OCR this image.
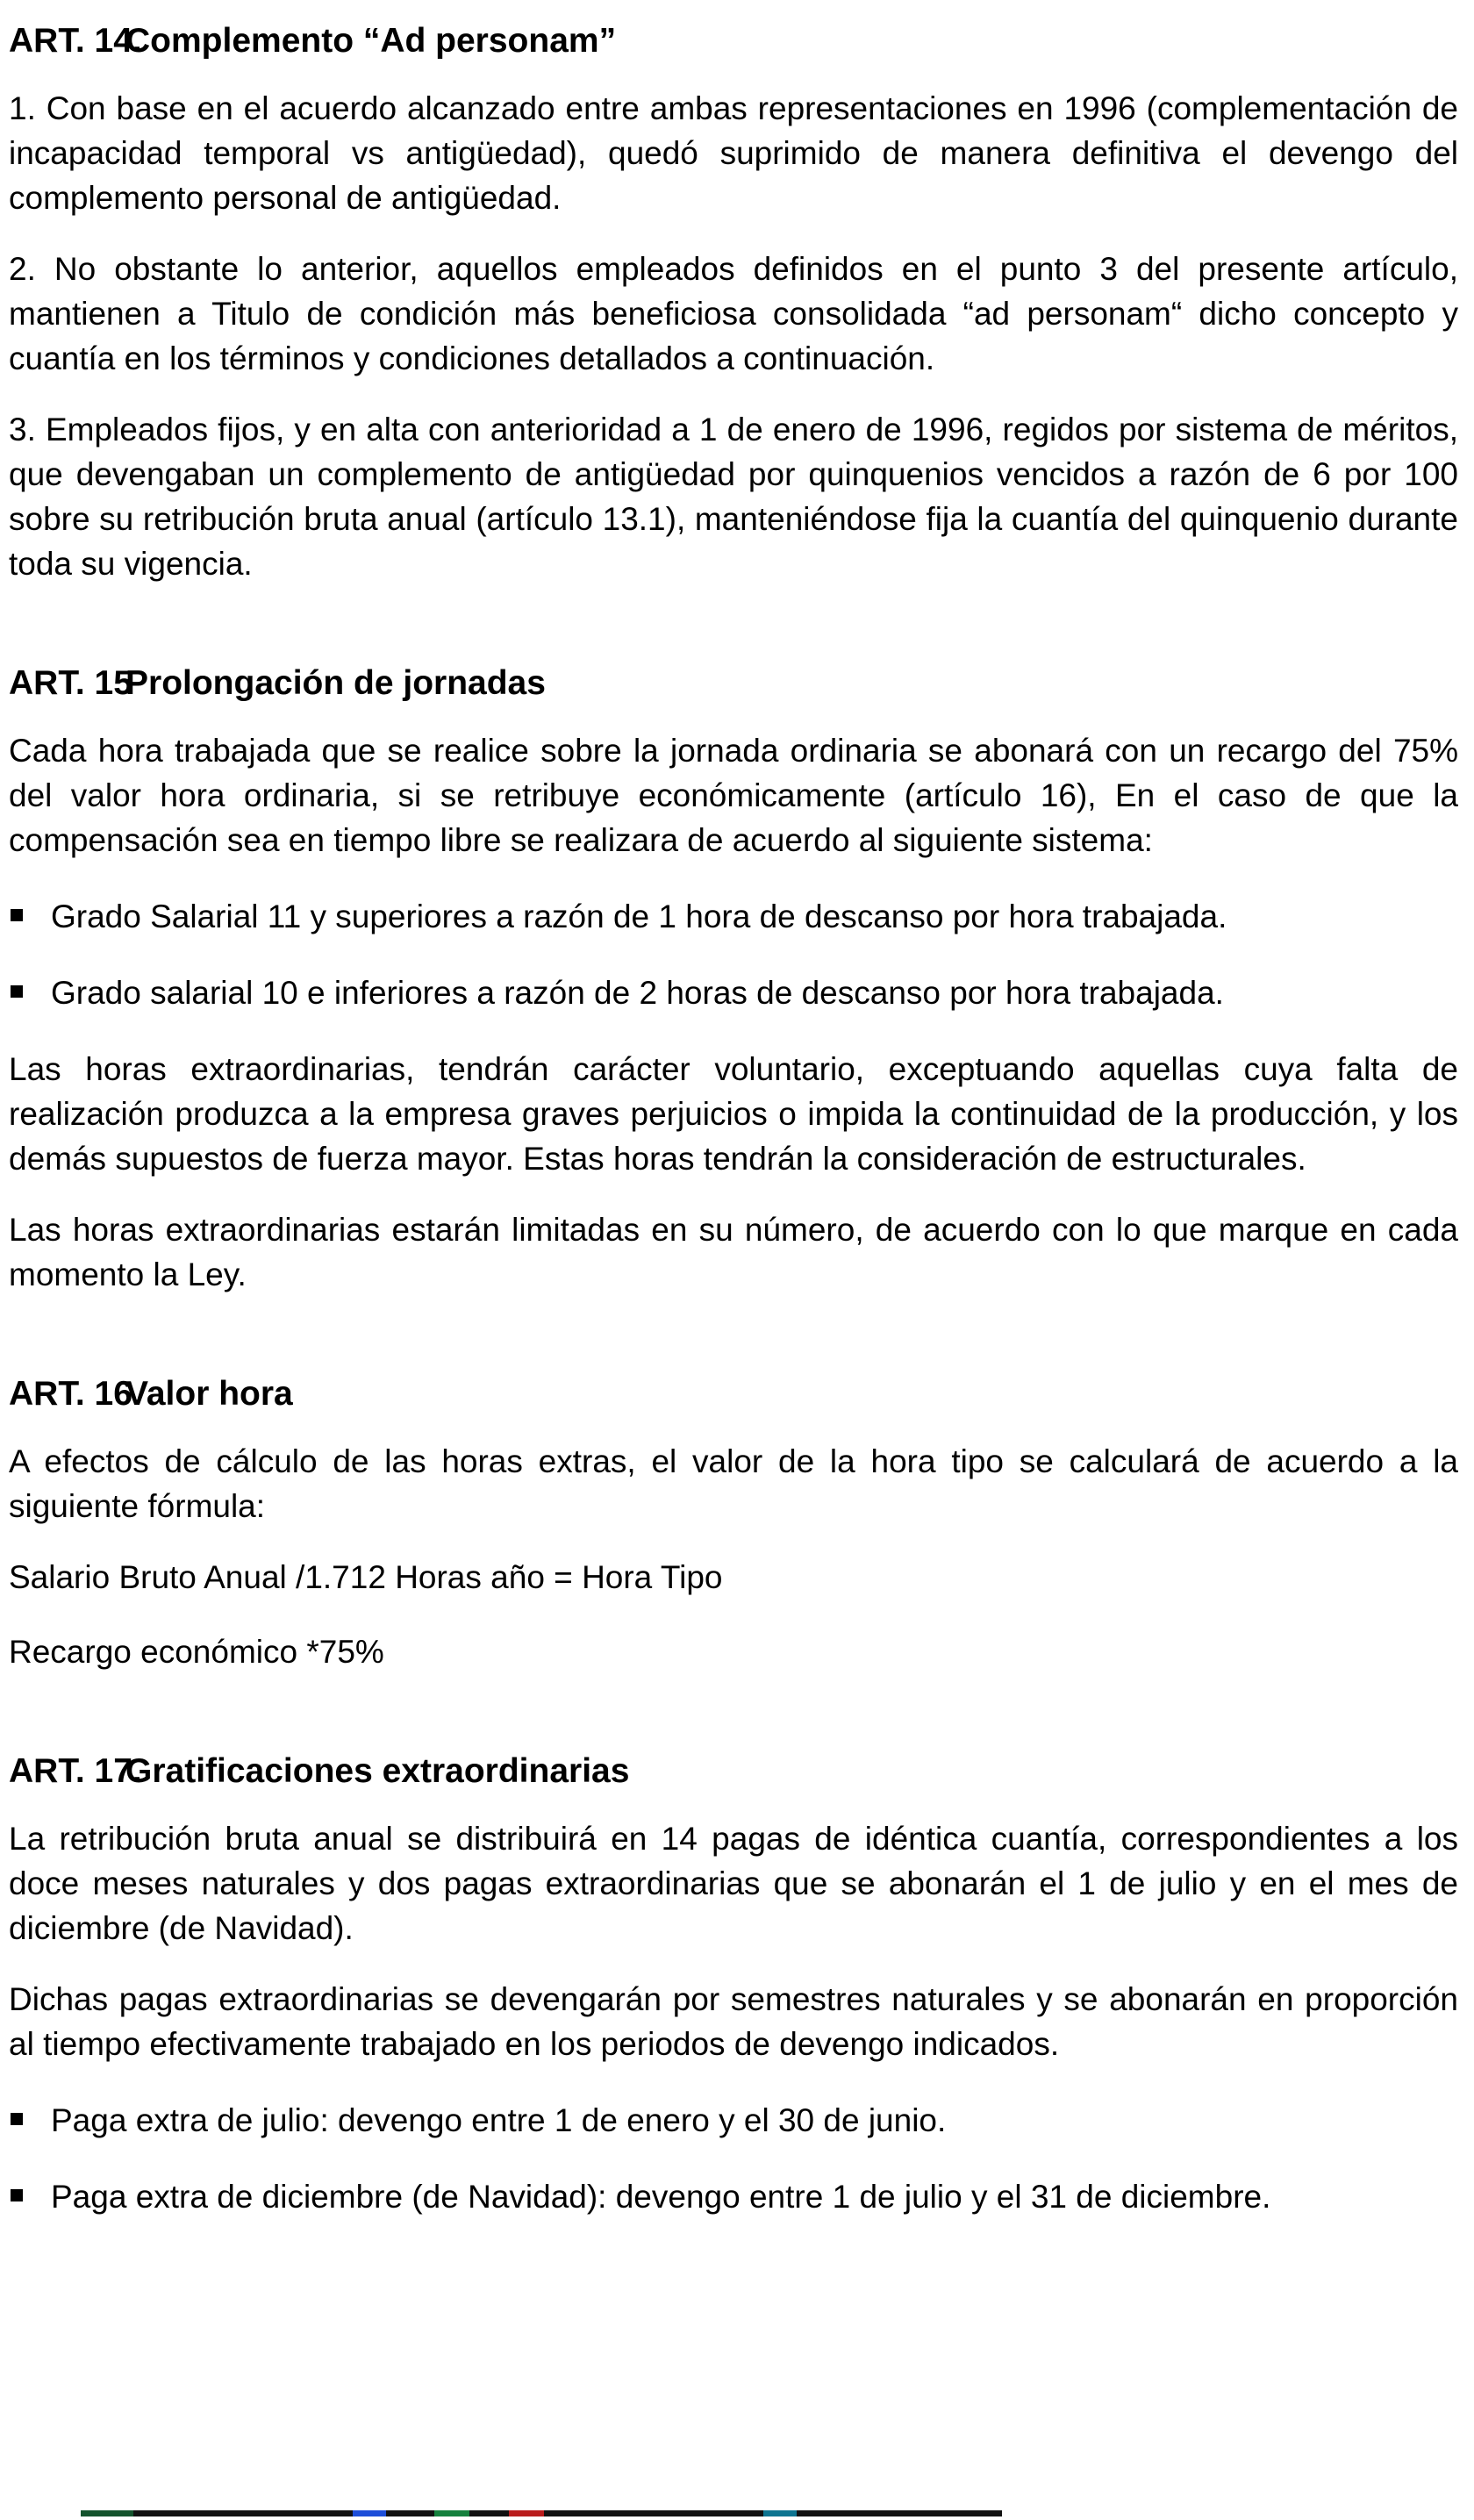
ART. 14.Complemento “Ad personam”

1. Con base en el acuerdo alcanzado entre ambas representaciones en 1996 (complementación de incapacidad temporal vs antigüedad), quedó suprimido de manera definitiva el devengo del complemento personal de antigüedad.

2. No obstante lo anterior, aquellos empleados definidos en el punto 3 del presente artículo, mantienen a Titulo de condición más beneficiosa consolidada “ad personam“ dicho concepto y cuantía en los términos y condiciones detallados a continuación.

3. Empleados fijos, y en alta con anterioridad a 1 de enero de 1996, regidos por sistema de méritos, que devengaban un complemento de antigüedad por quinquenios vencidos a razón de 6 por 100 sobre su retribución bruta anual (artículo 13.1), manteniéndose fija la cuantía del quinquenio durante toda su vigencia.

ART. 15Prolongación de jornadas

Cada hora trabajada que se realice sobre la jornada ordinaria se abonará con un recargo del 75% del valor hora ordinaria, si se retribuye económicamente (artículo 16), En el caso de que la compensación sea en tiempo libre se realizara de acuerdo al siguiente sistema:

Grado Salarial 11 y superiores a razón de 1 hora de descanso por hora trabajada.
Grado salarial 10 e inferiores a razón de 2 horas de descanso por hora trabajada.

Las horas extraordinarias, tendrán carácter voluntario, exceptuando aquellas cuya falta de realización produzca a la empresa graves perjuicios o impida la continuidad de la producción, y los demás supuestos de fuerza mayor. Estas horas tendrán la consideración de estructurales.

Las horas extraordinarias estarán limitadas en su número, de acuerdo con lo que marque en cada momento la Ley.

ART. 16.Valor hora

A efectos de cálculo de las horas extras, el valor de la hora tipo se calculará de acuerdo a la siguiente fórmula:

Salario Bruto Anual /1.712 Horas año = Hora Tipo

Recargo económico *75%

ART. 17.Gratificaciones extraordinarias

La retribución bruta anual se distribuirá en 14 pagas de idéntica cuantía, correspondientes a los doce meses naturales y dos pagas extraordinarias que se abonarán el 1 de julio y en el mes de diciembre (de Navidad).

Dichas pagas extraordinarias se devengarán por semestres naturales y se abonarán en proporción al tiempo efectivamente trabajado en los periodos de devengo indicados.

Paga extra de julio: devengo entre 1 de enero y el 30 de junio.
Paga extra de diciembre (de Navidad): devengo entre 1 de julio y el 31 de diciembre.
